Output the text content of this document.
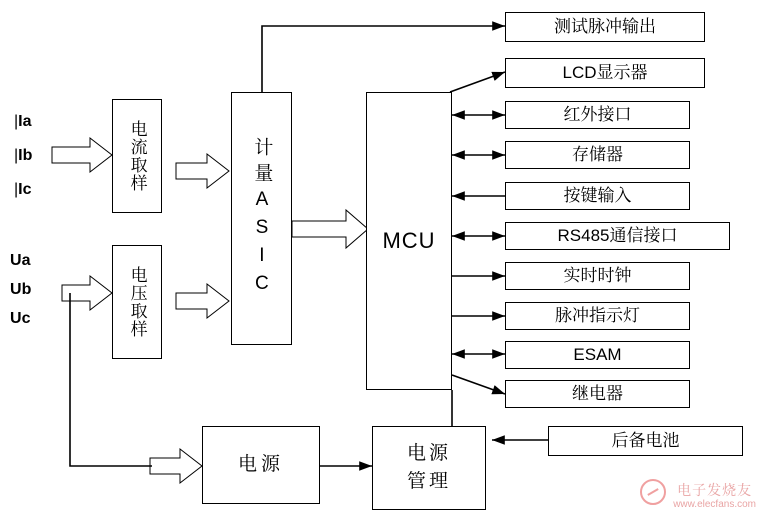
|Ia
|Ib
|Ic
Ua
Ub
Uc
电流取样
电压取样
计量ASIC	MCU
电源
电源管理
测试脉冲输出
LCD显示器
红外接口
存储器
按键输入
RS485通信接口
实时时钟
脉冲指示灯
ESAM
继电器
后备电池
电子发烧友
www.elecfans.com
